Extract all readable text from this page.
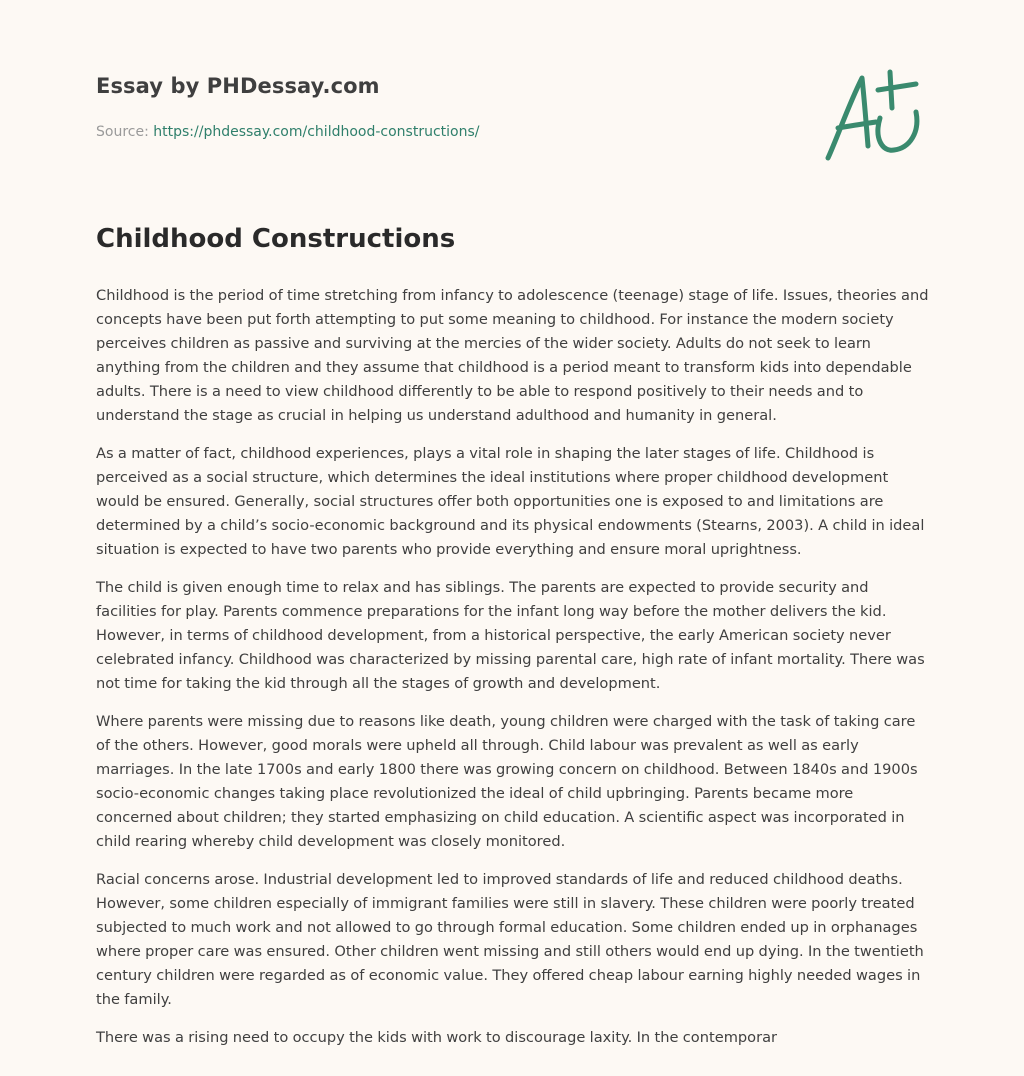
Essay by PHDessay.com
Source: https://phdessay.com/childhood-constructions/
Childhood Constructions

Childhood is the period of time stretching from infancy to adolescence (teenage) stage of life. Issues, theories and concepts have been put forth attempting to put some meaning to childhood. For instance the modern society perceives children as passive and surviving at the mercies of the wider society. Adults do not seek to learn anything from the children and they assume that childhood is a period meant to transform kids into dependable adults. There is a need to view childhood differently to be able to respond positively to their needs and to understand the stage as crucial in helping us understand adulthood and humanity in general.

As a matter of fact, childhood experiences, plays a vital role in shaping the later stages of life. Childhood is perceived as a social structure, which determines the ideal institutions where proper childhood development would be ensured. Generally, social structures offer both opportunities one is exposed to and limitations are determined by a child’s socio-economic background and its physical endowments (Stearns, 2003). A child in ideal situation is expected to have two parents who provide everything and ensure moral uprightness.

The child is given enough time to relax and has siblings. The parents are expected to provide security and facilities for play. Parents commence preparations for the infant long way before the mother delivers the kid. However, in terms of childhood development, from a historical perspective, the early American society never celebrated infancy. Childhood was characterized by missing parental care, high rate of infant mortality. There was not time for taking the kid through all the stages of growth and development.

Where parents were missing due to reasons like death, young children were charged with the task of taking care of the others. However, good morals were upheld all through. Child labour was prevalent as well as early marriages. In the late 1700s and early 1800 there was growing concern on childhood. Between 1840s and 1900s socio-economic changes taking place revolutionized the ideal of child upbringing. Parents became more concerned about children; they started emphasizing on child education. A scientific aspect was incorporated in child rearing whereby child development was closely monitored.

Racial concerns arose. Industrial development led to improved standards of life and reduced childhood deaths. However, some children especially of immigrant families were still in slavery. These children were poorly treated subjected to much work and not allowed to go through formal education. Some children ended up in orphanages where proper care was ensured. Other children went missing and still others would end up dying. In the twentieth century children were regarded as of economic value. They offered cheap labour earning highly needed wages in the family.

There was a rising need to occupy the kids with work to discourage laxity. In the contemporar
